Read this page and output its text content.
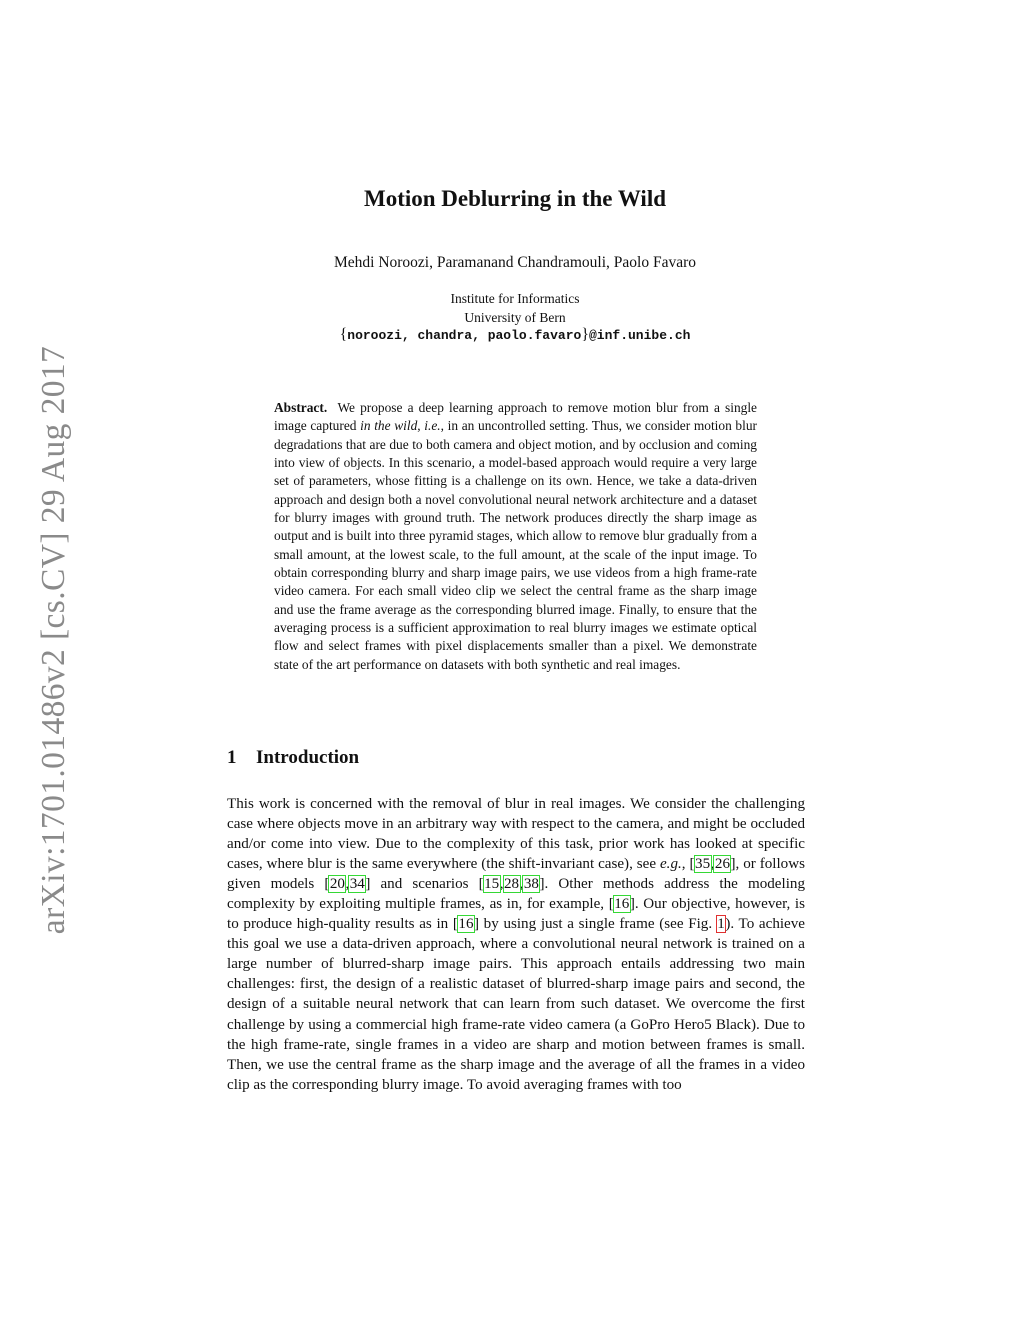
arXiv:1701.01486v2 [cs.CV] 29 Aug 2017
Motion Deblurring in the Wild
Mehdi Noroozi, Paramanand Chandramouli, Paolo Favaro
Institute for Informatics
University of Bern
{noroozi, chandra, paolo.favaro}@inf.unibe.ch

Abstract. We propose a deep learning approach to remove motion blur from a single image captured in the wild, i.e., in an uncontrolled setting. Thus, we consider motion blur degradations that are due to both camera and object motion, and by occlusion and coming into view of objects. In this scenario, a model-based approach would require a very large set of parameters, whose fitting is a challenge on its own. Hence, we take a data-driven approach and design both a novel convolutional neural network architecture and a dataset for blurry images with ground truth. The network produces directly the sharp image as output and is built into three pyramid stages, which allow to remove blur gradually from a small amount, at the lowest scale, to the full amount, at the scale of the input image. To obtain corresponding blurry and sharp image pairs, we use videos from a high frame-rate video camera. For each small video clip we select the central frame as the sharp image and use the frame average as the corresponding blurred image. Finally, to ensure that the averaging process is a sufficient approximation to real blurry images we estimate optical flow and select frames with pixel displacements smaller than a pixel. We demonstrate state of the art performance on datasets with both synthetic and real images.

1 Introduction

This work is concerned with the removal of blur in real images. We consider the challenging case where objects move in an arbitrary way with respect to the camera, and might be occluded and/or come into view. Due to the complexity of this task, prior work has looked at specific cases, where blur is the same everywhere (the shift-invariant case), see e.g., [35,26], or follows given models [20,34] and scenarios [15,28,38]. Other methods address the modeling complexity by exploiting multiple frames, as in, for example, [16]. Our objective, however, is to produce high-quality results as in [16] by using just a single frame (see Fig. 1). To achieve this goal we use a data-driven approach, where a convolutional neural network is trained on a large number of blurred-sharp image pairs. This approach entails addressing two main challenges: first, the design of a realistic dataset of blurred-sharp image pairs and second, the design of a suitable neural network that can learn from such dataset. We overcome the first challenge by using a commercial high frame-rate video camera (a GoPro Hero5 Black). Due to the high frame-rate, single frames in a video are sharp and motion between frames is small. Then, we use the central frame as the sharp image and the average of all the frames in a video clip as the corresponding blurry image. To avoid averaging frames with too
